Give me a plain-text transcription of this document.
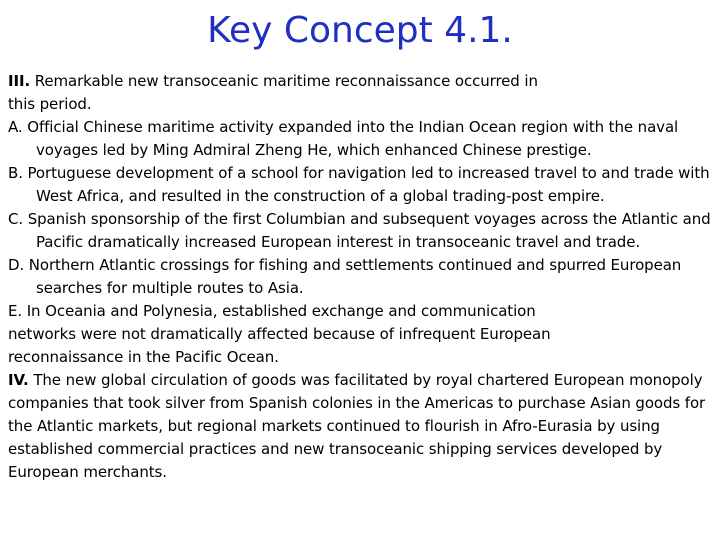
Key Concept 4.1.

III. Remarkable new transoceanic maritime reconnaissance occurred in this period.

A. Official Chinese maritime activity expanded into the Indian Ocean region with the naval voyages led by Ming Admiral Zheng He, which enhanced Chinese prestige.

B. Portuguese development of a school for navigation led to increased travel to and trade with West Africa, and resulted in the construction of a global trading-post empire.

C. Spanish sponsorship of the first Columbian and subsequent voyages across the Atlantic and Pacific dramatically increased European interest in transoceanic travel and trade.

D. Northern Atlantic crossings for fishing and settlements continued and spurred European searches for multiple routes to Asia.

E. In Oceania and Polynesia, established exchange and communication networks were not dramatically affected because of infrequent European reconnaissance in the Pacific Ocean.

IV. The new global circulation of goods was facilitated by royal chartered European monopoly companies that took silver from Spanish colonies in the Americas to purchase Asian goods for the Atlantic markets, but regional markets continued to flourish in Afro-Eurasia by using established commercial practices and new transoceanic shipping services developed by European merchants.
